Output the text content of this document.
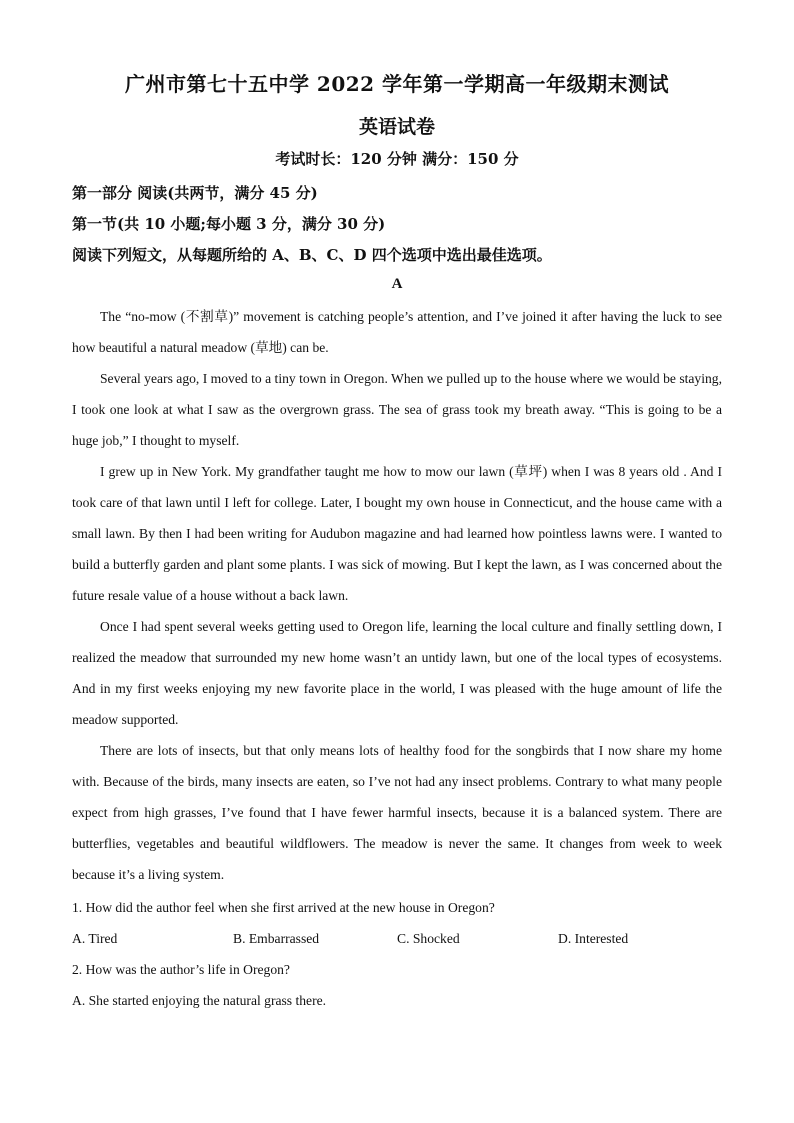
广州市第七十五中学 2022 学年第一学期高一年级期末测试
英语试卷
考试时长：120 分钟 满分：150 分
第一部分 阅读(共两节，满分 45 分)
第一节(共 10 小题;每小题 3 分，满分 30 分)
阅读下列短文，从每题所给的 A、B、C、D 四个选项中选出最佳选项。
A

The “no-mow (不割草)” movement is catching people’s attention, and I’ve joined it after having the luck to see how beautiful a natural meadow (草地) can be.

Several years ago, I moved to a tiny town in Oregon. When we pulled up to the house where we would be staying, I took one look at what I saw as the overgrown grass. The sea of grass took my breath away. “This is going to be a huge job,” I thought to myself.

I grew up in New York. My grandfather taught me how to mow our lawn (草坪) when I was 8 years old . And I took care of that lawn until I left for college. Later, I bought my own house in Connecticut, and the house came with a small lawn. By then I had been writing for Audubon magazine and had learned how pointless lawns were. I wanted to build a butterfly garden and plant some plants. I was sick of mowing. But I kept the lawn, as I was concerned about the future resale value of a house without a back lawn.

Once I had spent several weeks getting used to Oregon life, learning the local culture and finally settling down, I realized the meadow that surrounded my new home wasn’t an untidy lawn, but one of the local types of ecosystems. And in my first weeks enjoying my new favorite place in the world, I was pleased with the huge amount of life the meadow supported.

There are lots of insects, but that only means lots of healthy food for the songbirds that I now share my home with. Because of the birds, many insects are eaten, so I’ve not had any insect problems. Contrary to what many people expect from high grasses, I’ve found that I have fewer harmful insects, because it is a balanced system. There are butterflies, vegetables and beautiful wildflowers. The meadow is never the same. It changes from week to week because it’s a living system.

1. How did the author feel when she first arrived at the new house in Oregon?
A. Tired	B. Embarrassed	C. Shocked	D. Interested
2. How was the author’s life in Oregon?
A. She started enjoying the natural grass there.
